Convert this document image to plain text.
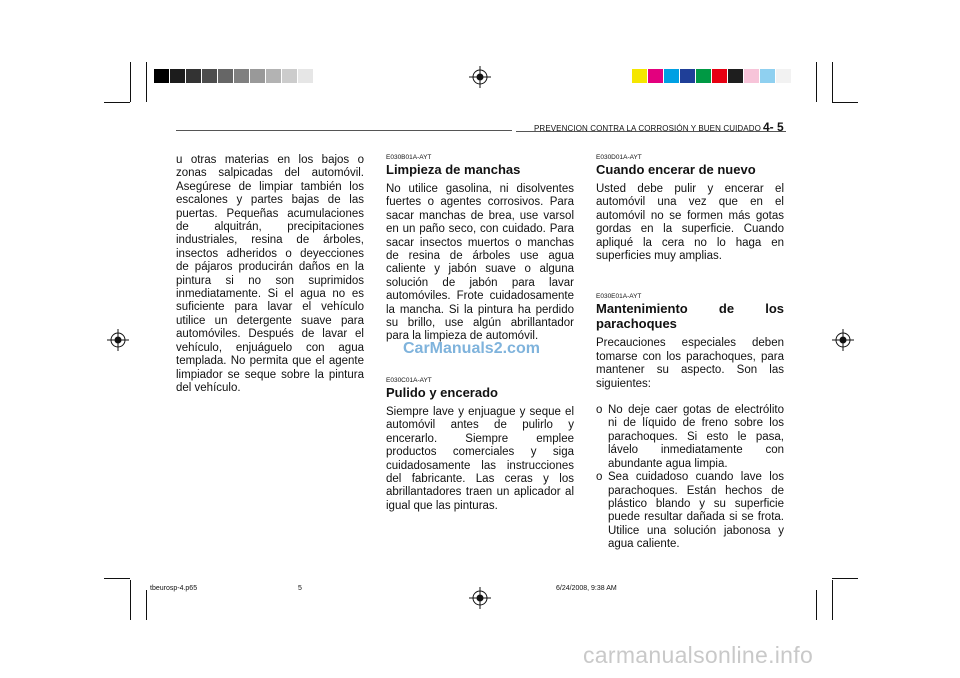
PREVENCION CONTRA LA CORROSIÓN Y BUEN CUIDADO 4- 5

u otras materias en los bajos o zonas salpicadas del automóvil. Asegúrese de limpiar también los escalones y partes bajas de las puertas. Pequeñas acumulaciones de alquitrán, precipitaciones industriales, resina de árboles, insectos adheridos o deyecciones de pájaros producirán daños en la pintura si no son suprimidos inmediatamente. Si el agua no es suficiente para lavar el vehículo utilice un detergente suave para automóviles. Después de lavar el vehículo, enjuáguelo con agua templada. No permita que el agente limpiador se seque sobre la pintura del vehículo.

E030B01A-AYT
Limpieza de manchas

No utilice gasolina, ni disolventes fuertes o agentes corrosivos. Para sacar manchas de brea, use varsol en un paño seco, con cuidado. Para sacar insectos muertos o manchas de resina de árboles use agua caliente y jabón suave o alguna solución de jabón para lavar automóviles. Frote cuidadosamente la mancha. Si la pintura ha perdido su brillo, use algún abrillantador para la limpieza de automóvil.

E030C01A-AYT
Pulido y encerado

Siempre lave y enjuague y seque el automóvil antes de pulirlo y encerarlo. Siempre emplee productos comerciales y siga cuidadosamente las instrucciones del fabricante. Las ceras y los abrillantadores traen un aplicador al igual que las pinturas.

E030D01A-AYT
Cuando encerar de nuevo

Usted debe pulir y encerar el automóvil una vez que en el automóvil no se formen más gotas gordas en la superficie. Cuando apliqué la cera no lo haga en superficies muy amplias.

E030E01A-AYT
Mantenimiento de los parachoques

Precauciones especiales deben tomarse con los parachoques, para mantener su aspecto. Son las siguientes:

o No deje caer gotas de electrólito ni de líquido de freno sobre los parachoques. Si esto le pasa, lávelo inmediatamente con abundante agua limpia.
o Sea cuidadoso cuando lave los parachoques. Están hechos de plástico blando y su superficie puede resultar dañada si se frota. Utilice una solución jabonosa y agua caliente.
CarManuals2.com
tbeurosp-4.p65	5	6/24/2008, 9:38 AM
carmanualsonline.info
